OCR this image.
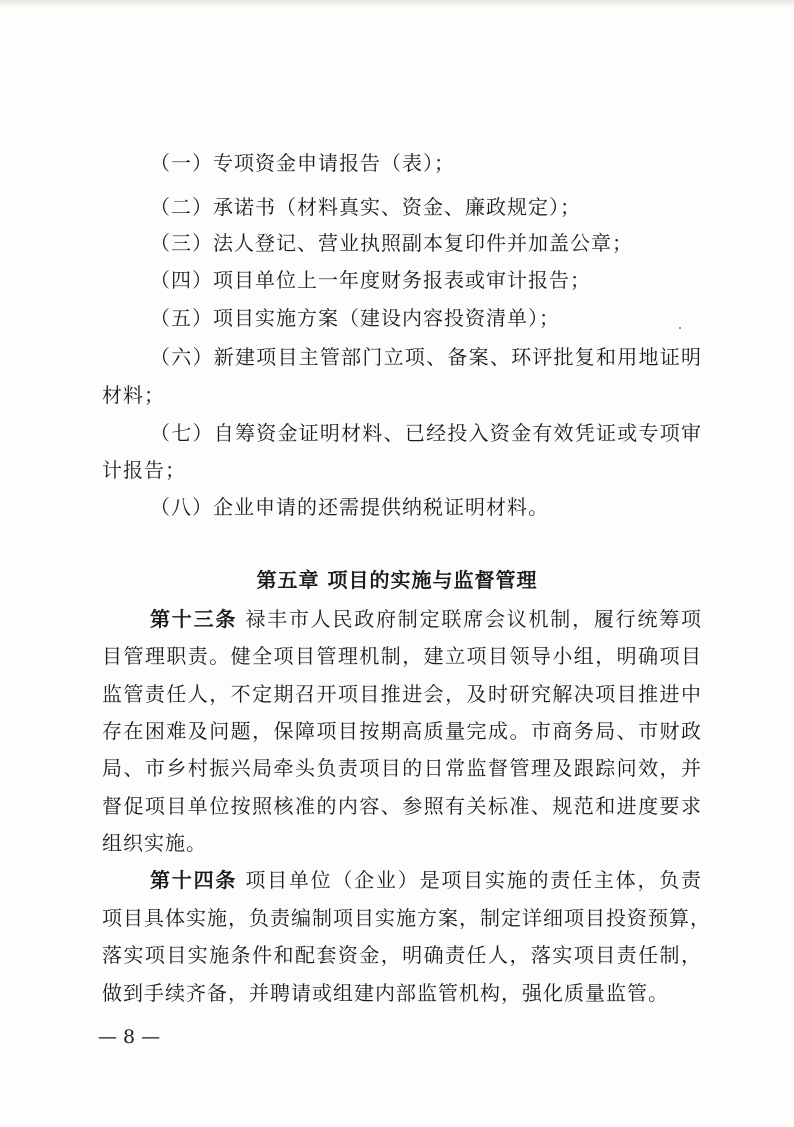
（一）专项资金申请报告（表）；
（二）承诺书（材料真实、资金、廉政规定）；
（三）法人登记、营业执照副本复印件并加盖公章；
（四）项目单位上一年度财务报表或审计报告；
（五）项目实施方案（建设内容投资清单）；
（六）新建项目主管部门立项、备案、环评批复和用地证明
材料；
（七）自筹资金证明材料、已经投入资金有效凭证或专项审
计报告；
（八）企业申请的还需提供纳税证明材料。
第五章 项目的实施与监督管理
第十三条 禄丰市人民政府制定联席会议机制，履行统筹项
目管理职责。健全项目管理机制，建立项目领导小组，明确项目
监管责任人，不定期召开项目推进会，及时研究解决项目推进中
存在困难及问题，保障项目按期高质量完成。市商务局、市财政
局、市乡村振兴局牵头负责项目的日常监督管理及跟踪问效，并
督促项目单位按照核准的内容、参照有关标准、规范和进度要求
组织实施。
第十四条 项目单位（企业）是项目实施的责任主体，负责
项目具体实施，负责编制项目实施方案，制定详细项目投资预算，
落实项目实施条件和配套资金，明确责任人，落实项目责任制，
做到手续齐备，并聘请或组建内部监管机构，强化质量监管。
— 8 —
